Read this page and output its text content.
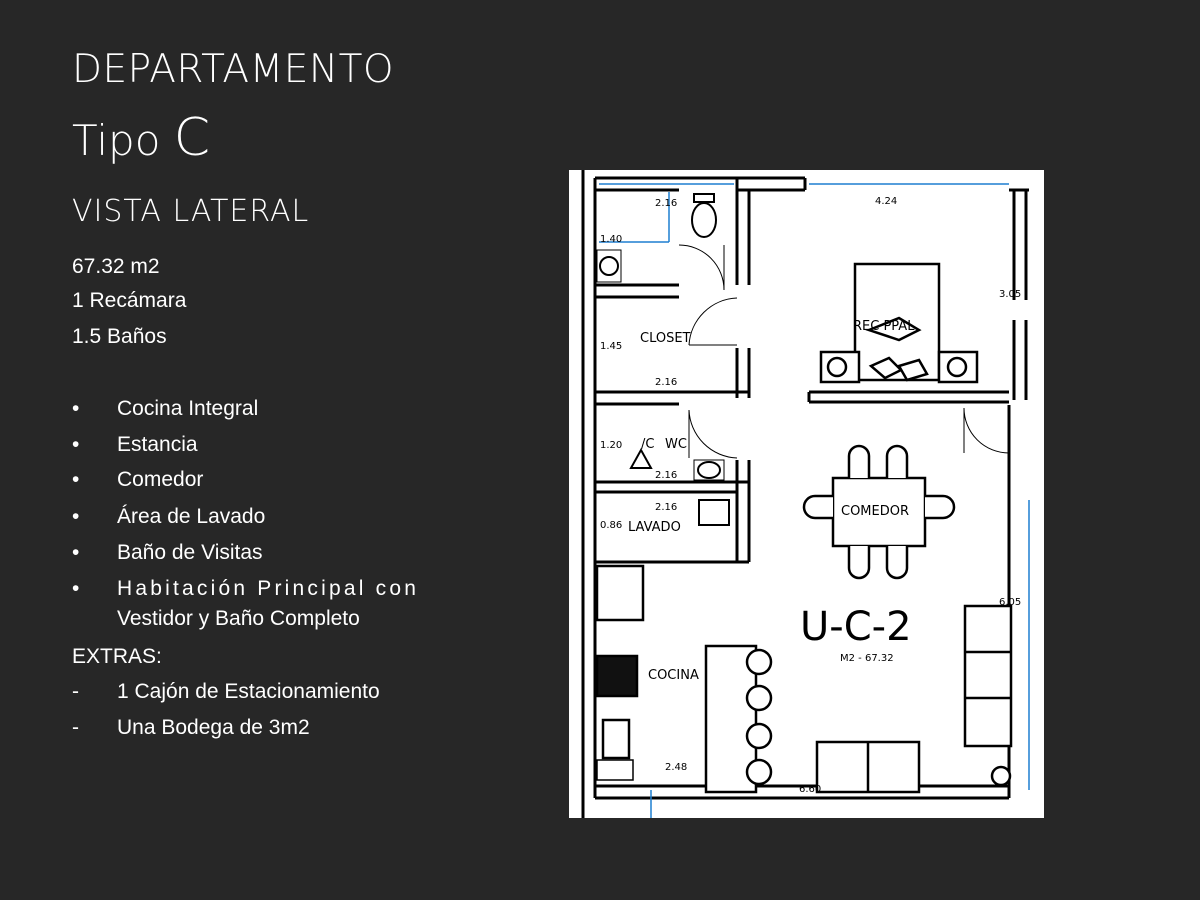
DEPARTAMENTO
Tipo C
VISTA LATERAL
67.32 m2
1 Recámara
1.5 Baños
•	Cocina Integral
•	Estancia
•	Comedor
•	Área de Lavado
•	Baño de Visitas
•	Habitación Principal con
Vestidor y Baño Completo
EXTRAS:
-	1 Cajón de Estacionamiento
-	Una Bodega de 3m2
2.16	4.24
1.40
3.05
1.45
2.16
1.20
2.16
2.16
0.86
6.05
2.48
6.60
CLOSET
REC PPAL
/C WC
LAVADO
COMEDOR
COCINA
U-C-2
M2 - 67.32
